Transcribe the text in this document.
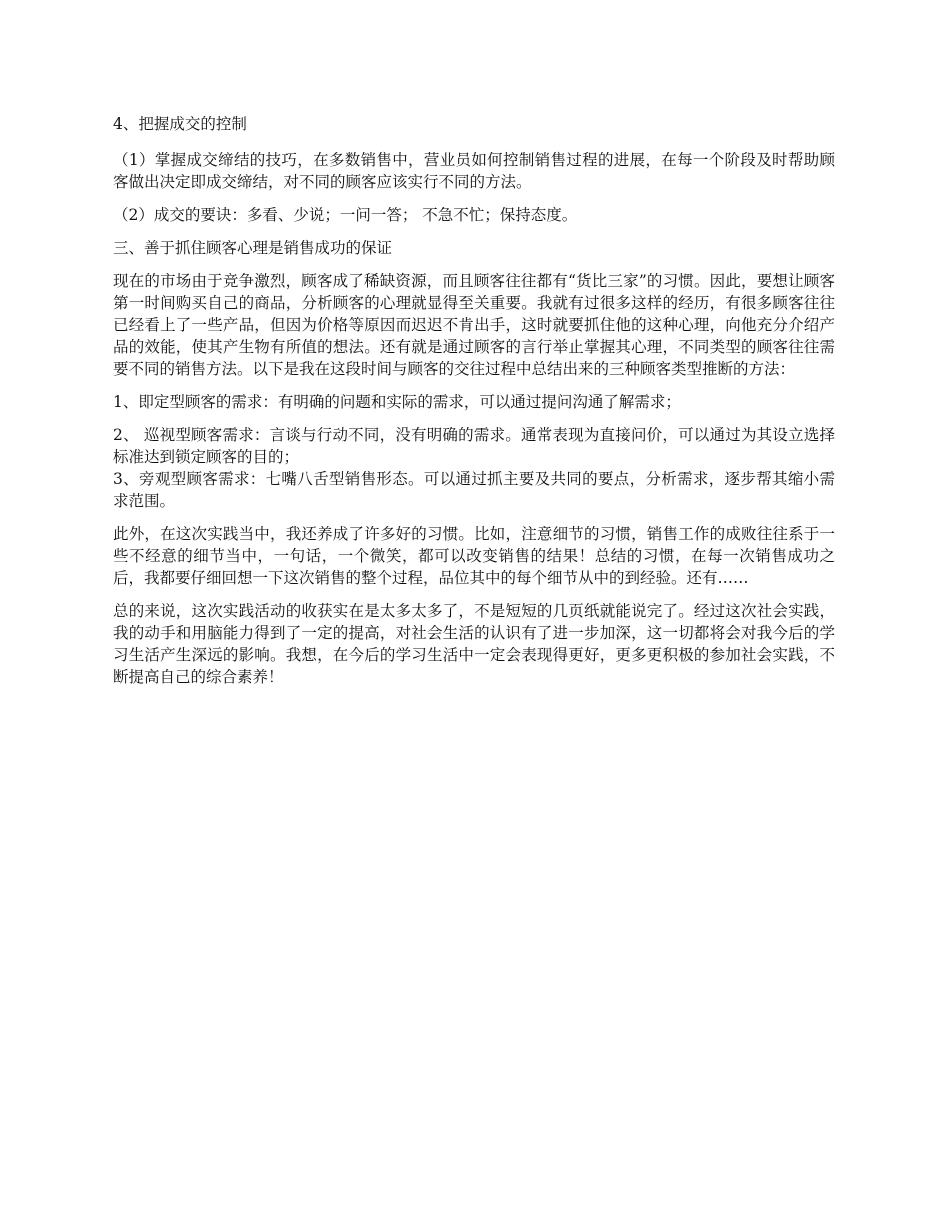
4、把握成交的控制

（1）掌握成交缔结的技巧，在多数销售中，营业员如何控制销售过程的进展，在每一个阶段及时帮助顾客做出决定即成交缔结，对不同的顾客应该实行不同的方法。

（2）成交的要诀：多看、少说；一问一答； 不急不忙；保持态度。

三、善于抓住顾客心理是销售成功的保证

现在的市场由于竞争激烈，顾客成了稀缺资源，而且顾客往往都有“货比三家”的习惯。因此，要想让顾客第一时间购买自己的商品，分析顾客的心理就显得至关重要。我就有过很多这样的经历，有很多顾客往往已经看上了一些产品，但因为价格等原因而迟迟不肯出手，这时就要抓住他的这种心理，向他充分介绍产品的效能，使其产生物有所值的想法。还有就是通过顾客的言行举止掌握其心理，不同类型的顾客往往需要不同的销售方法。以下是我在这段时间与顾客的交往过程中总结出来的三种顾客类型推断的方法：

1、即定型顾客的需求：有明确的问题和实际的需求，可以通过提问沟通了解需求；

2、 巡视型顾客需求：言谈与行动不同，没有明确的需求。通常表现为直接问价，可以通过为其设立选择标准达到锁定顾客的目的；

3、旁观型顾客需求：七嘴八舌型销售形态。可以通过抓主要及共同的要点，分析需求，逐步帮其缩小需求范围。

此外，在这次实践当中，我还养成了许多好的习惯。比如，注意细节的习惯，销售工作的成败往往系于一些不经意的细节当中，一句话，一个微笑，都可以改变销售的结果！总结的习惯，在每一次销售成功之后，我都要仔细回想一下这次销售的整个过程，品位其中的每个细节从中的到经验。还有……

总的来说，这次实践活动的收获实在是太多太多了，不是短短的几页纸就能说完了。经过这次社会实践，我的动手和用脑能力得到了一定的提高，对社会生活的认识有了进一步加深，这一切都将会对我今后的学习生活产生深远的影响。我想，在今后的学习生活中一定会表现得更好，更多更积极的参加社会实践，不断提高自己的综合素养！
